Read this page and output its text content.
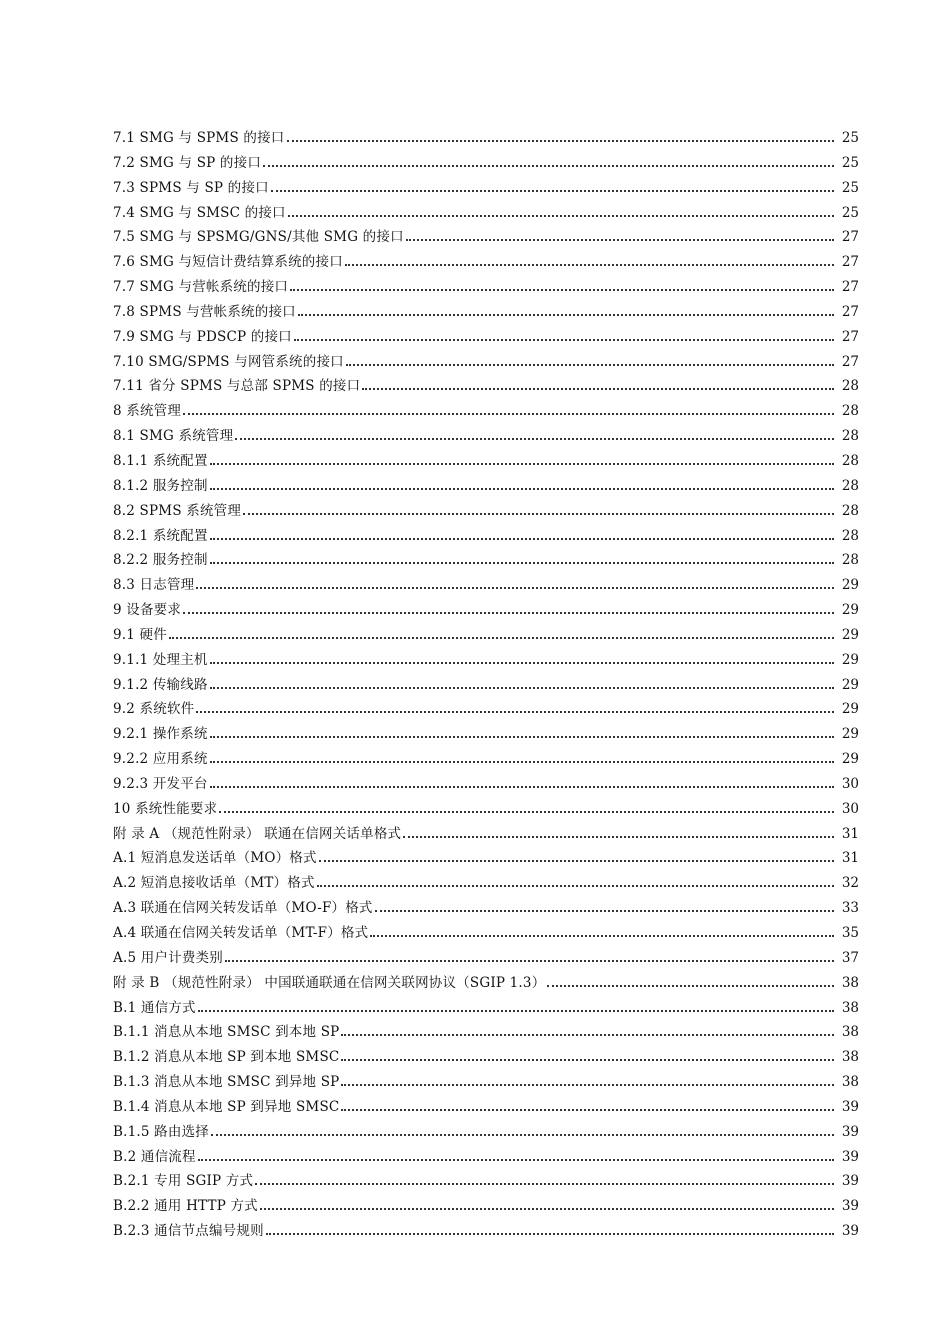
7.1 SMG 与 SPMS 的接口	25
7.2 SMG 与 SP 的接口	25
7.3 SPMS 与 SP 的接口	25
7.4 SMG 与 SMSC 的接口	25
7.5 SMG 与 SPSMG/GNS/其他 SMG 的接口	27
7.6 SMG 与短信计费结算系统的接口	27
7.7 SMG 与营帐系统的接口	27
7.8 SPMS 与营帐系统的接口	27
7.9 SMG 与 PDSCP 的接口	27
7.10 SMG/SPMS 与网管系统的接口	27
7.11 省分 SPMS 与总部 SPMS 的接口	28
8 系统管理	28
8.1 SMG 系统管理	28
8.1.1 系统配置	28
8.1.2 服务控制	28
8.2 SPMS 系统管理	28
8.2.1 系统配置	28
8.2.2 服务控制	28
8.3 日志管理	29
9 设备要求	29
9.1 硬件	29
9.1.1 处理主机	29
9.1.2 传输线路	29
9.2 系统软件	29
9.2.1 操作系统	29
9.2.2 应用系统	29
9.2.3 开发平台	30
10 系统性能要求	30
附 录 A （规范性附录） 联通在信网关话单格式	31
A.1 短消息发送话单（MO）格式	31
A.2 短消息接收话单（MT）格式	32
A.3 联通在信网关转发话单（MO-F）格式	33
A.4 联通在信网关转发话单（MT-F）格式	35
A.5 用户计费类别	37
附 录 B （规范性附录） 中国联通联通在信网关联网协议（SGIP 1.3）	38
B.1 通信方式	38
B.1.1 消息从本地 SMSC 到本地 SP	38
B.1.2 消息从本地 SP 到本地 SMSC	38
B.1.3 消息从本地 SMSC 到异地 SP	38
B.1.4 消息从本地 SP 到异地 SMSC	39
B.1.5 路由选择	39
B.2 通信流程	39
B.2.1 专用 SGIP 方式	39
B.2.2 通用 HTTP 方式	39
B.2.3 通信节点编号规则	39
